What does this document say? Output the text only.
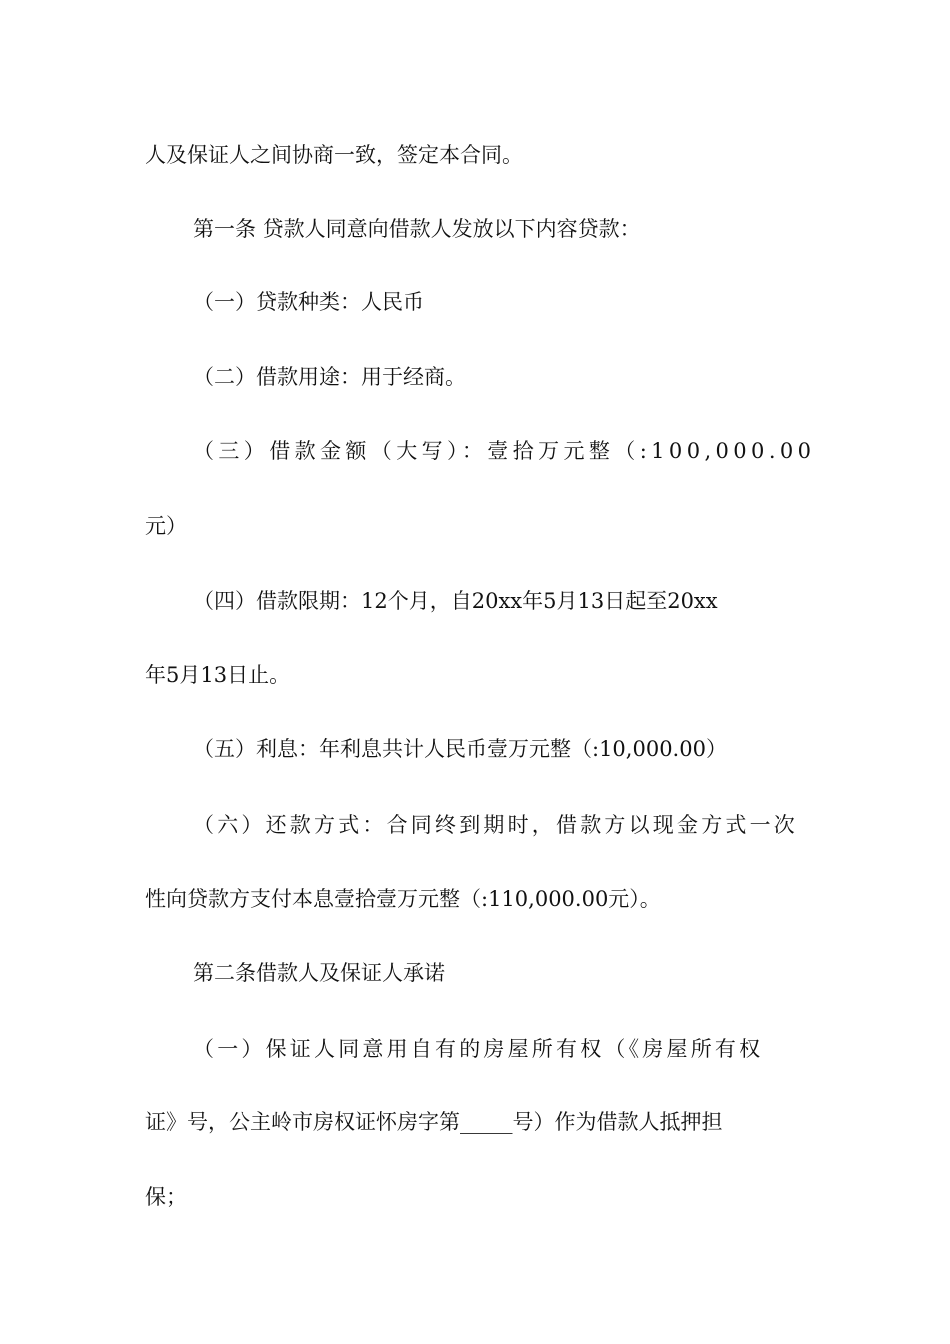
人及保证人之间协商一致，签定本合同。
第一条 贷款人同意向借款人发放以下内容贷款：
（一）贷款种类：人民币
（二）借款用途：用于经商。
（三）借款金额（大写）：壹拾万元整（:100,000.00
元）
（四）借款限期：12个月，自20xx年5月13日起至20xx
年5月13日止。
（五）利息：年利息共计人民币壹万元整（:10,000.00）
（六）还款方式：合同终到期时，借款方以现金方式一次
性向贷款方支付本息壹拾壹万元整（:110,000.00元）。
第二条借款人及保证人承诺
（一）保证人同意用自有的房屋所有权（《房屋所有权
证》号，公主岭市房权证怀房字第_____号）作为借款人抵押担
保；
